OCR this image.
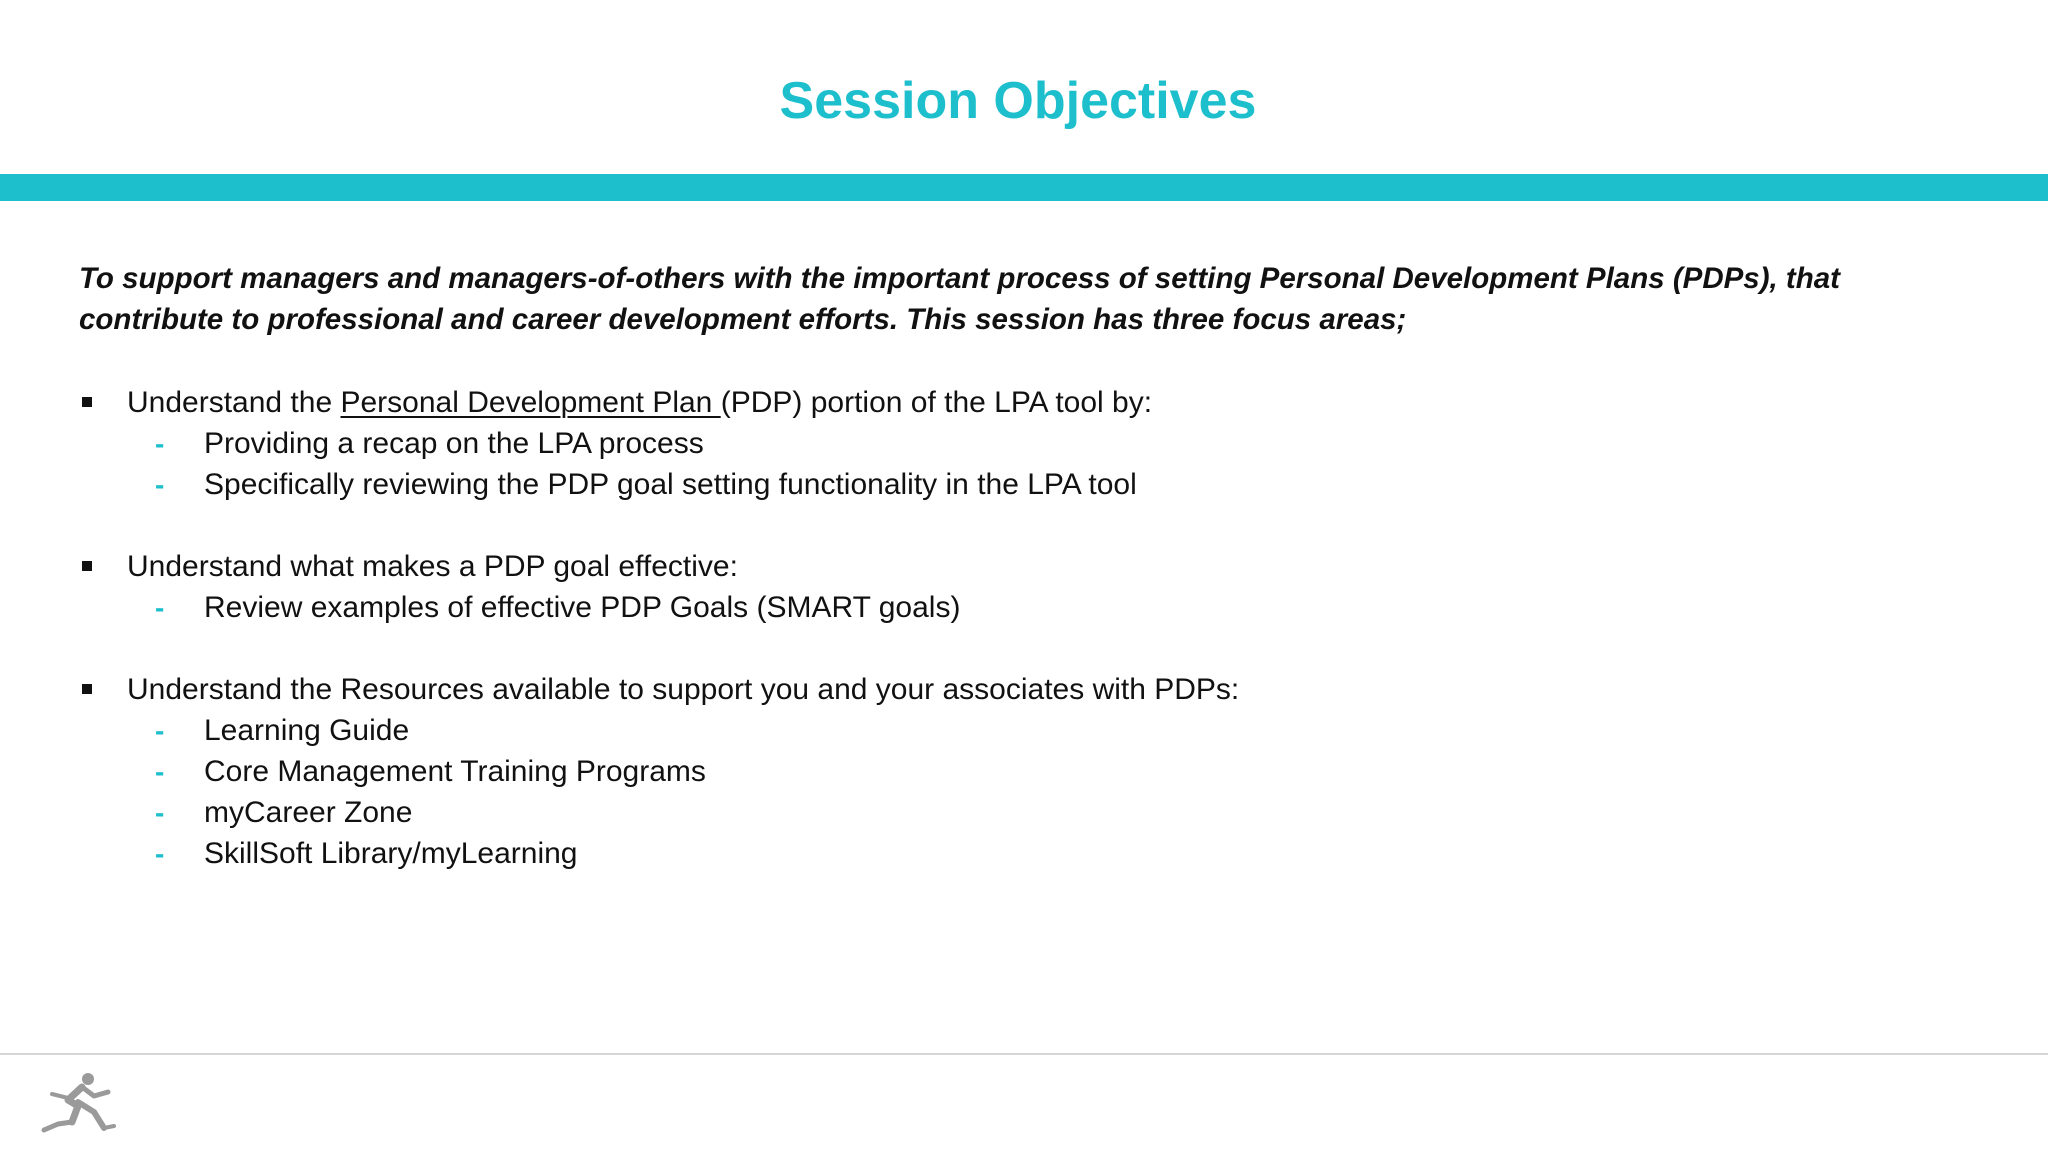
Session Objectives

To support managers and managers-of-others with the important process of setting Personal Development Plans (PDPs), that contribute to professional and career development efforts. This session has three focus areas;

Understand the Personal Development Plan (PDP) portion of the LPA tool by:
- Providing a recap on the LPA process
- Specifically reviewing the PDP goal setting functionality in the LPA tool
Understand what makes a PDP goal effective:
- Review examples of effective PDP Goals (SMART goals)
Understand the Resources available to support you and your associates with PDPs:
- Learning Guide
- Core Management Training Programs
- myCareer Zone
- SkillSoft Library/myLearning
